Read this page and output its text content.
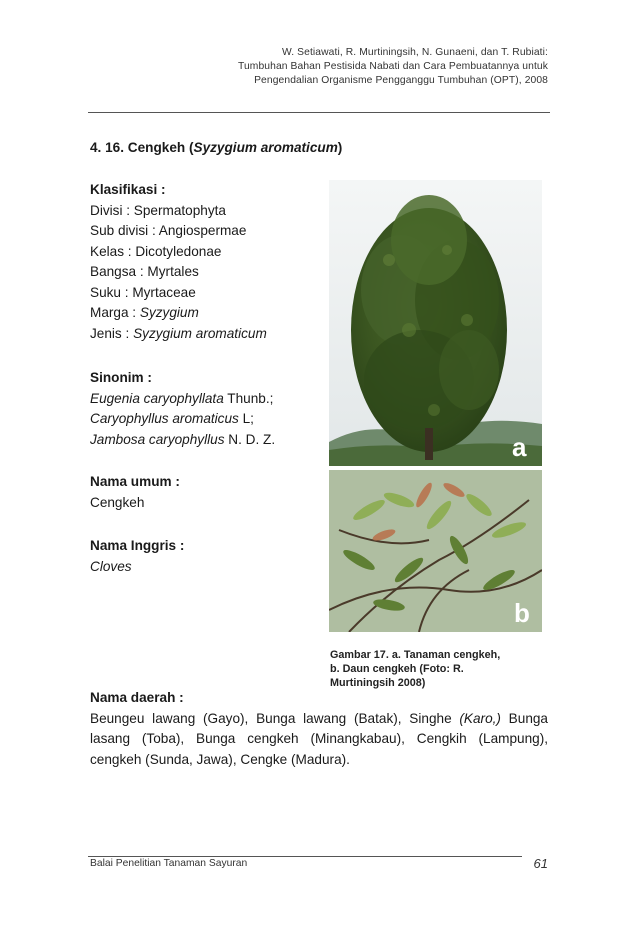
W. Setiawati, R. Murtiningsih, N. Gunaeni, dan T. Rubiati:
Tumbuhan Bahan Pestisida Nabati dan Cara Pembuatannya untuk
Pengendalian Organisme Pengganggu Tumbuhan (OPT), 2008
4. 16. Cengkeh (Syzygium aromaticum)
Klasifikasi :
Divisi : Spermatophyta
Sub divisi : Angiospermae
Kelas : Dicotyledonae
Bangsa : Myrtales
Suku : Myrtaceae
Marga : Syzygium
Jenis : Syzygium aromaticum
Sinonim :
Eugenia caryophyllata Thunb.;
Caryophyllus aromaticus L;
Jambosa caryophyllus N. D. Z.
Nama umum :
Cengkeh
Nama Inggris :
Cloves
a
b
Gambar 17. a. Tanaman cengkeh,
b. Daun cengkeh (Foto: R.
Murtiningsih 2008)
Nama daerah :
Beungeu lawang (Gayo), Bunga lawang (Batak), Singhe (Karo,) Bunga lasang (Toba), Bunga cengkeh (Minangkabau), Cengkih (Lampung), cengkeh (Sunda, Jawa), Cengke (Madura).
Balai Penelitian Tanaman Sayuran	61
